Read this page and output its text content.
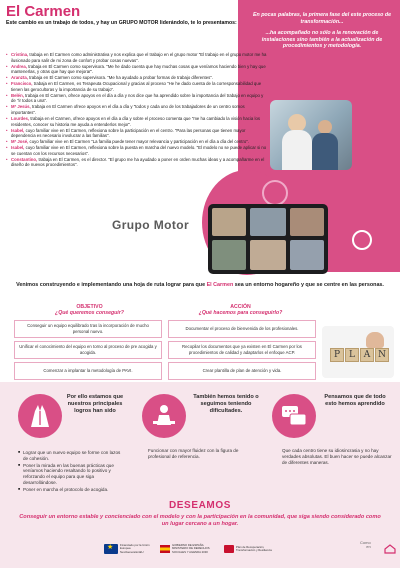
El Carmen
Este cambio es un trabajo de todos, y hay un GRUPO MOTOR liderándolo, te lo presentamos:
• Cristina, trabaja en El Carmen como administrativa y nos explica que el trabajo en el grupo motor "El trabajo en el grupo motor me ha ilusionado para salir de mi zona de confort y probar cosas nuevas".
• Andrea, trabaja en El Carmen como supervisora. "Me he dado cuenta que hay muchas cosas que veníamos haciendo bien y hay que mantenerlas, y otras que hay que mejorar".
• Aranzta, trabaja en El Carmen como supervisora. "Me ha ayudado a probar formas de trabajo diferentes".
• Francisco, trabaja en El Carmen, es Terapeuta Ocupacional y gracias al proceso "He he dado cuenta de la corresponsabilidad que tienen las gerocultoras y la importancia de su trabajo".
• Belén, trabaja en El Carmen, ofrece apoyos en el día a día y nos dice que ha aprendido sobre la importancia del trabajo en equipo y de "ir todos a una".
• Mª Jesús, trabaja en El Carmen ofrece apoyos en el día a día y "todos y cada uno de los trabajadores de un centro somos importantes".
• Lourdes, trabaja en el Carmen, ofrece apoyos en el día a día y sobre el proceso comenta que "me ha cambiado la visión hacia los residentes, conocer su historia me ayuda a entenderlos mejor".
• Isabel, cuyo familiar vive en El Carmen, reflexiona sobre la participación en el centro. "Para las personas que tienen mayor dependencia es necesario involucrar a las familias".
• Mª José, cuyo familiar vive en El Carmen "La familia puede tener mayor relevancia y participación en el día a día del centro".
• Isabel, cuyo familiar vive en El Carmen, reflexiona sobre la puesta en marcha del nuevo modelo. "El modelo no se puede aplicar si no se cuentan con los recursos necesarios".
• Constantino, trabaja en El Carmen, es el director. "El grupo me ha ayudado a poner en orden muchas ideas y a acompañarme en el diseño de nuevos procedimientos".

En pocas palabras, la primera fase del este proceso de transformación...

...ha acompañado no sólo a la renovación de instalaciones sino también a la actualización de procedimientos y metodología.

Grupo Motor
Venimos construyendo e implementando una hoja de ruta lograr para que El Carmen sea un entorno hogareño y que se centre en las personas.
OBJETIVO
¿Qué queremos conseguir?
ACCIÓN
¿Qué hacemos para conseguirlo?
Conseguir un equipo equilibrado tras la incorporación de mucho personal nuevo.
Documentar el proceso de bienvenida de los profesionales.
Unificar el conocimiento del equipo en torno al proceso de pre acogida y acogida.
Recopilar los documentos que ya existen en El Carmen por los procedimientos de calidad y adaptarlos el enfoque ACP.
Comenzar a implantar la metodología de PAVI.	Crear plantilla de plan de atención y vida.
P L A N
Por ello estamos que nuestros principales logros han sido
■ Lograr que un nuevo equipo se forme con lazos de cohesión.
■ Poner la mirada en las buenas prácticas que veníamos haciendo resaltando lo positivo y reforzando el equipo para que siga desarrollándose.
■ Poner en marcha el protocolo de acogida.
También hemos tenido o seguimos teniendo dificultades.
Funcionar con mayor fluidez con la figura de profesional de referencia.
Pensamos que de todo esto hemos aprendido
Que cada centro tiene su idiosincrasia y no hay verdades absolutas. El buen hacer se puede alcanzar de diferentes maneras.
DESEAMOS
Conseguir un entorno estable y concienciado con el modelo y con la participación en la comunidad, que siga siendo considerado como un lugar cercano a un hogar.
★
Financiado por la Unión Europea NextGenerationEU
GOBIERNO DE ESPAÑA MINISTERIO DE DERECHOS SOCIALES Y AGENDA 2030
Plan de Recuperación, Transformación y Resiliencia
Como
en
